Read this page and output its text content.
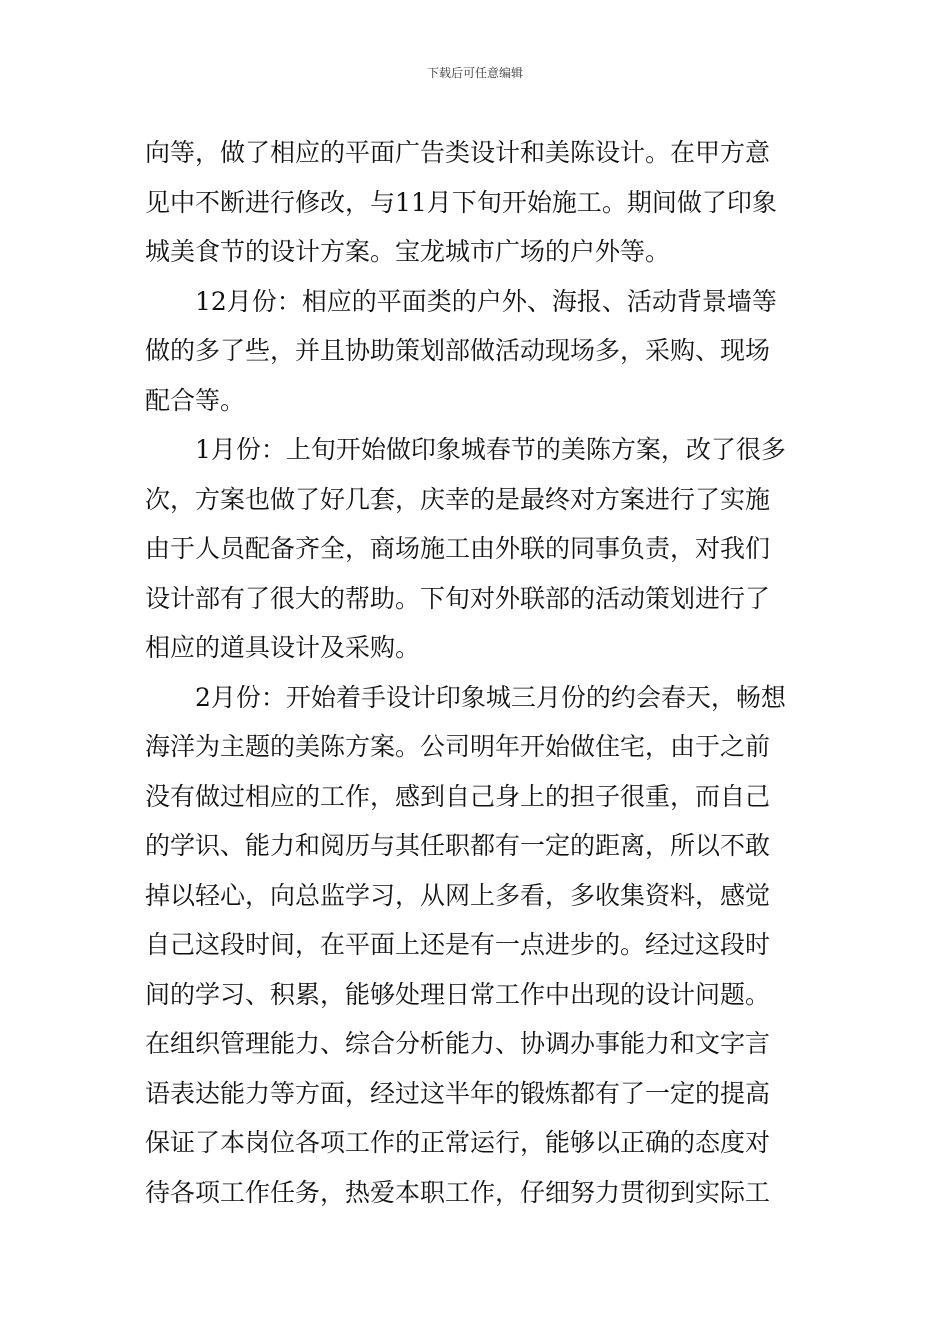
下载后可任意编辑
向等，做了相应的平面广告类设计和美陈设计。在甲方意
见中不断进行修改，与11月下旬开始施工。期间做了印象
城美食节的设计方案。宝龙城市广场的户外等。
12月份：相应的平面类的户外、海报、活动背景墙等
做的多了些，并且协助策划部做活动现场多，采购、现场
配合等。
1月份：上旬开始做印象城春节的美陈方案，改了很多
次，方案也做了好几套，庆幸的是最终对方案进行了实施
由于人员配备齐全，商场施工由外联的同事负责，对我们
设计部有了很大的帮助。下旬对外联部的活动策划进行了
相应的道具设计及采购。
2月份：开始着手设计印象城三月份的约会春天，畅想
海洋为主题的美陈方案。公司明年开始做住宅，由于之前
没有做过相应的工作，感到自己身上的担子很重，而自己
的学识、能力和阅历与其任职都有一定的距离，所以不敢
掉以轻心，向总监学习，从网上多看，多收集资料，感觉
自己这段时间，在平面上还是有一点进步的。经过这段时
间的学习、积累，能够处理日常工作中出现的设计问题。
在组织管理能力、综合分析能力、协调办事能力和文字言
语表达能力等方面，经过这半年的锻炼都有了一定的提高
保证了本岗位各项工作的正常运行，能够以正确的态度对
待各项工作任务，热爱本职工作，仔细努力贯彻到实际工
